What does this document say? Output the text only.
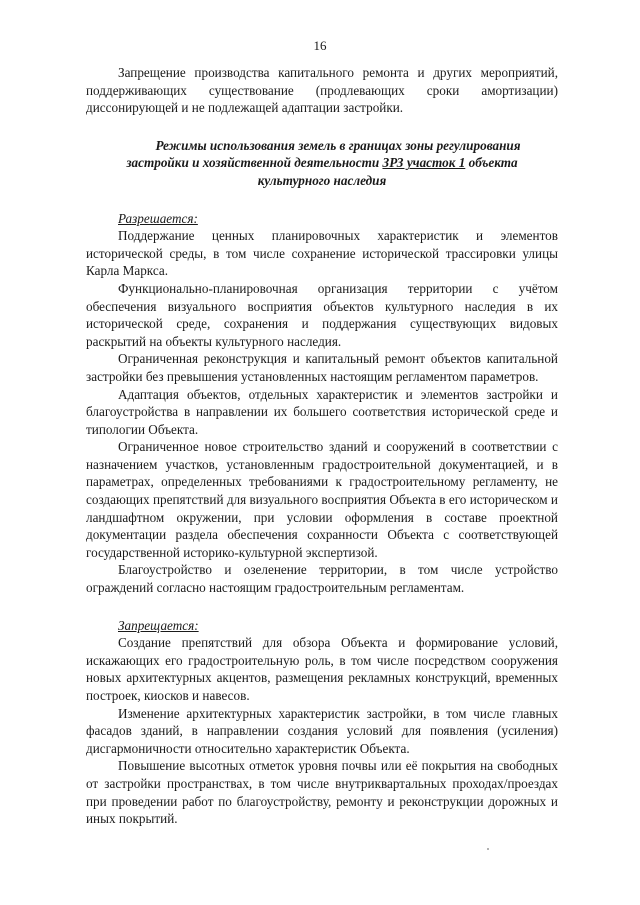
16

Запрещение производства капитального ремонта и других мероприятий, поддерживающих существование (продлевающих сроки амортизации) диссонирующей и не подлежащей адаптации застройки.

Режимы использования земель в границах зоны регулирования застройки и хозяйственной деятельности ЗРЗ участок 1 объекта культурного наследия

Разрешается:

Поддержание ценных планировочных характеристик и элементов исторической среды, в том числе сохранение исторической трассировки улицы Карла Маркса.

Функционально-планировочная организация территории с учётом обеспечения визуального восприятия объектов культурного наследия в их исторической среде, сохранения и поддержания существующих видовых раскрытий на объекты культурного наследия.

Ограниченная реконструкция и капитальный ремонт объектов капитальной застройки без превышения установленных настоящим регламентом параметров.

Адаптация объектов, отдельных характеристик и элементов застройки и благоустройства в направлении их большего соответствия исторической среде и типологии Объекта.

Ограниченное новое строительство зданий и сооружений в соответствии с назначением участков, установленным градостроительной документацией, и в параметрах, определенных требованиями к градостроительному регламенту, не создающих препятствий для визуального восприятия Объекта в его историческом и ландшафтном окружении, при условии оформления в составе проектной документации раздела обеспечения сохранности Объекта с соответствующей государственной историко-культурной экспертизой.

Благоустройство и озеленение территории, в том числе устройство ограждений согласно настоящим градостроительным регламентам.

Запрещается:

Создание препятствий для обзора Объекта и формирование условий, искажающих его градостроительную роль, в том числе посредством сооружения новых архитектурных акцентов, размещения рекламных конструкций, временных построек, киосков и навесов.

Изменение архитектурных характеристик застройки, в том числе главных фасадов зданий, в направлении создания условий для появления (усиления) дисгармоничности относительно характеристик Объекта.

Повышение высотных отметок уровня почвы или её покрытия на свободных от застройки пространствах, в том числе внутриквартальных проходах/проездах при проведении работ по благоустройству, ремонту и реконструкции дорожных и иных покрытий.
